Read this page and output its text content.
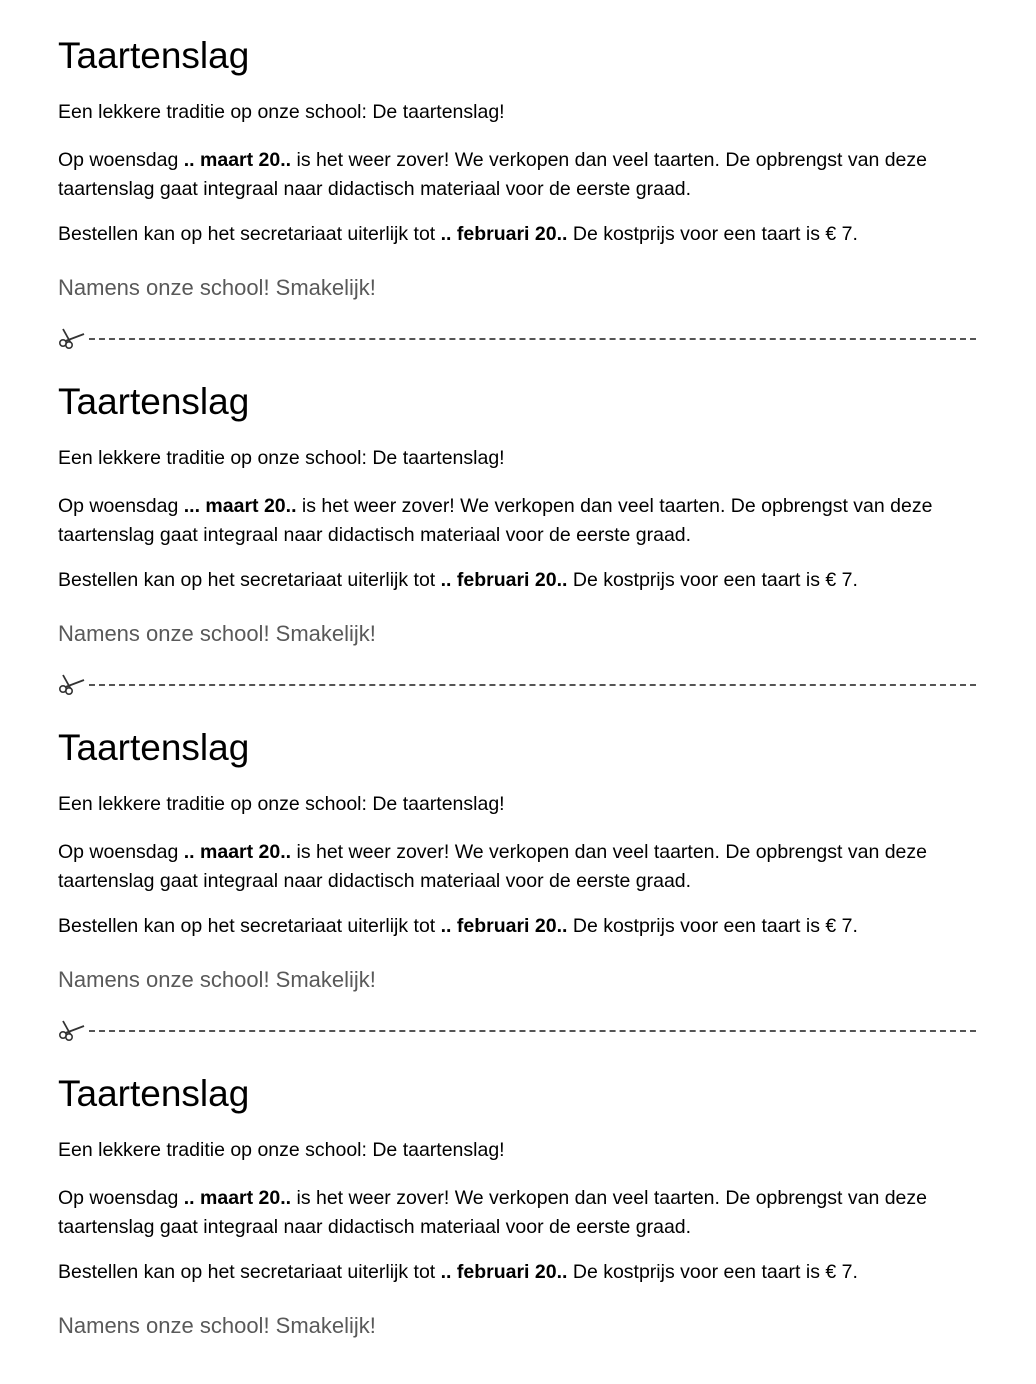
Taartenslag

Een lekkere traditie op onze school: De taartenslag!

Op woensdag .. maart 20.. is het weer zover! We verkopen dan veel taarten. De opbrengst van deze taartenslag gaat integraal naar didactisch materiaal voor de eerste graad.

Bestellen kan op het secretariaat uiterlijk tot .. februari 20.. De kostprijs voor een taart is € 7.

Namens onze school! Smakelijk!

Taartenslag

Een lekkere traditie op onze school: De taartenslag!

Op woensdag ... maart 20.. is het weer zover! We verkopen dan veel taarten. De opbrengst van deze taartenslag gaat integraal naar didactisch materiaal voor de eerste graad.

Bestellen kan op het secretariaat uiterlijk tot .. februari 20.. De kostprijs voor een taart is € 7.

Namens onze school! Smakelijk!

Taartenslag

Een lekkere traditie op onze school: De taartenslag!

Op woensdag .. maart 20.. is het weer zover! We verkopen dan veel taarten. De opbrengst van deze taartenslag gaat integraal naar didactisch materiaal voor de eerste graad.

Bestellen kan op het secretariaat uiterlijk tot .. februari 20.. De kostprijs voor een taart is € 7.

Namens onze school! Smakelijk!

Taartenslag

Een lekkere traditie op onze school: De taartenslag!

Op woensdag .. maart 20.. is het weer zover! We verkopen dan veel taarten. De opbrengst van deze taartenslag gaat integraal naar didactisch materiaal voor de eerste graad.

Bestellen kan op het secretariaat uiterlijk tot .. februari 20.. De kostprijs voor een taart is € 7.

Namens onze school! Smakelijk!
